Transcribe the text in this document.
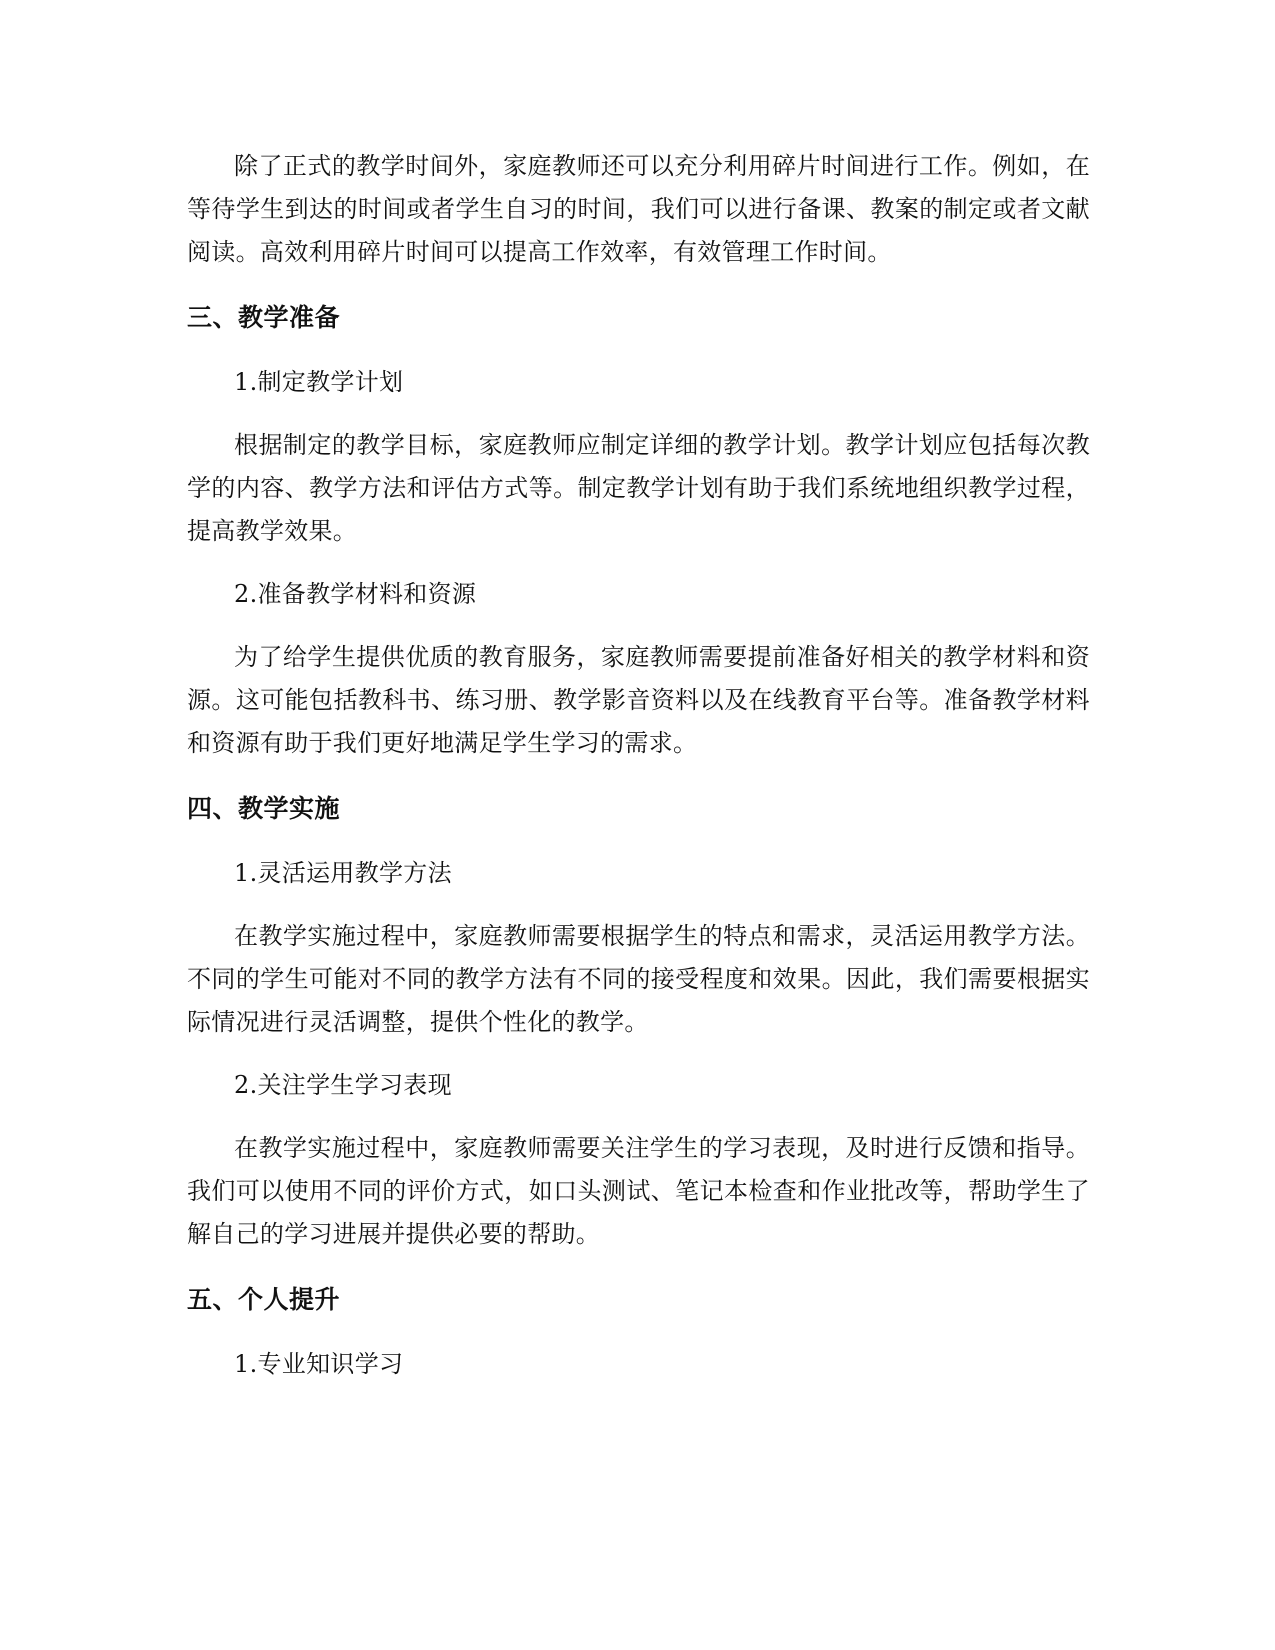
除了正式的教学时间外，家庭教师还可以充分利用碎片时间进行工作。例如，在等待学生到达的时间或者学生自习的时间，我们可以进行备课、教案的制定或者文献阅读。高效利用碎片时间可以提高工作效率，有效管理工作时间。

三、教学准备

1.制定教学计划

根据制定的教学目标，家庭教师应制定详细的教学计划。教学计划应包括每次教学的内容、教学方法和评估方式等。制定教学计划有助于我们系统地组织教学过程，提高教学效果。

2.准备教学材料和资源

为了给学生提供优质的教育服务，家庭教师需要提前准备好相关的教学材料和资源。这可能包括教科书、练习册、教学影音资料以及在线教育平台等。准备教学材料和资源有助于我们更好地满足学生学习的需求。

四、教学实施

1.灵活运用教学方法

在教学实施过程中，家庭教师需要根据学生的特点和需求，灵活运用教学方法。不同的学生可能对不同的教学方法有不同的接受程度和效果。因此，我们需要根据实际情况进行灵活调整，提供个性化的教学。

2.关注学生学习表现

在教学实施过程中，家庭教师需要关注学生的学习表现，及时进行反馈和指导。我们可以使用不同的评价方式，如口头测试、笔记本检查和作业批改等，帮助学生了解自己的学习进展并提供必要的帮助。

五、个人提升

1.专业知识学习
